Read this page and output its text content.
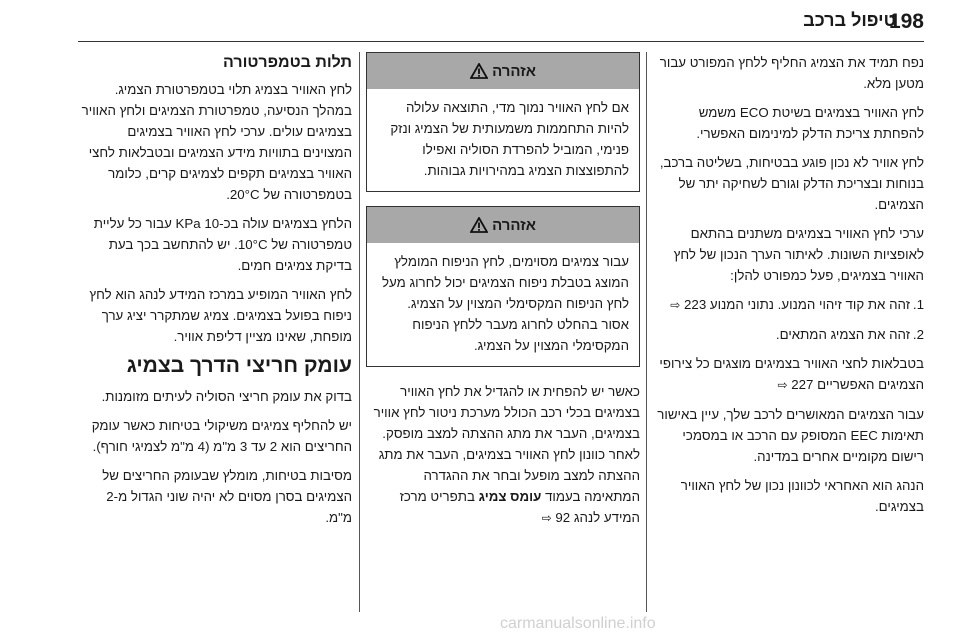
198
טיפול ברכב

נפח תמיד את הצמיג החליף ללחץ המפורט עבור מטען מלא.

לחץ האוויר בצמיגים בשיטת ECO משמש להפחתת צריכת הדלק למינימום האפשרי.

לחץ אוויר לא נכון פוגע בבטיחות, בשליטה ברכב, בנוחות ובצריכת הדלק וגורם לשחיקה יתר של הצמיגים.

ערכי לחץ האוויר בצמיגים משתנים בהתאם לאופציות השונות. לאיתור הערך הנכון של לחץ האוויר בצמיגים, פעל כמפורט להלן:

1.
זהה את קוד זיהוי המנוע. נתוני המנוע 223 ⇨
2.
זהה את הצמיג המתאים.

בטבלאות לחצי האוויר בצמיגים מוצגים כל צירופי הצמיגים האפשריים 227 ⇨

עבור הצמיגים המאושרים לרכב שלך, עיין באישור תאימות EEC המסופק עם הרכב או במסמכי רישום מקומיים אחרים במדינה.

הנהג הוא האחראי לכוונון נכון של לחץ האוויר בצמיגים.

אזהרה
אם לחץ האוויר נמוך מדי, התוצאה עלולה להיות התחממות משמעותית של הצמיג ונזק פנימי, המוביל להפרדת הסוליה ואפילו להתפוצצות הצמיג במהירויות גבוהות.
אזהרה
עבור צמיגים מסוימים, לחץ הניפוח המומלץ המוצג בטבלת ניפוח הצמיגים יכול לחרוג מעל לחץ הניפוח המקסימלי המצוין על הצמיג. אסור בהחלט לחרוג מעבר ללחץ הניפוח המקסימלי המצוין על הצמיג.

כאשר יש להפחית או להגדיל את לחץ האוויר בצמיגים בכלי רכב הכולל מערכת ניטור לחץ אוויר בצמיגים, העבר את מתג ההצתה למצב מופסק. לאחר כוונון לחץ האוויר בצמיגים, העבר את מתג ההצתה למצב מופעל ובחר את ההגדרה המתאימה בעמוד עומס צמיג בתפריט מרכז המידע לנהג 92 ⇨

תלות בטמפרטורה

לחץ האוויר בצמיג תלוי בטמפרטורת הצמיג. במהלך הנסיעה, טמפרטורת הצמיגים ולחץ האוויר בצמיגים עולים. ערכי לחץ האוויר בצמיגים המצוינים בתוויות מידע הצמיגים ובטבלאות לחצי האוויר בצמיגים תקפים לצמיגים קרים, כלומר בטמפרטורה של ‎20°C.

הלחץ בצמיגים עולה בכ-10 KPa עבור כל עליית טמפרטורה של ‎10°C. יש להתחשב בכך בעת בדיקת צמיגים חמים.

לחץ האוויר המופיע במרכז המידע לנהג הוא לחץ ניפוח בפועל בצמיגים. צמיג שמתקרר יציג ערך מופחת, שאינו מציין דליפת אוויר.

עומק חריצי הדרך בצמיג

בדוק את עומק חריצי הסוליה לעיתים מזומנות.

יש להחליף צמיגים משיקולי בטיחות כאשר עומק החריצים הוא 2 עד 3 מ"מ (4 מ"מ לצמיגי חורף).

מסיבות בטיחות, מומלץ שבעומק החריצים של הצמיגים בסרן מסוים לא יהיה שוני הגדול מ-2 מ"מ.

carmanualsonline.info
